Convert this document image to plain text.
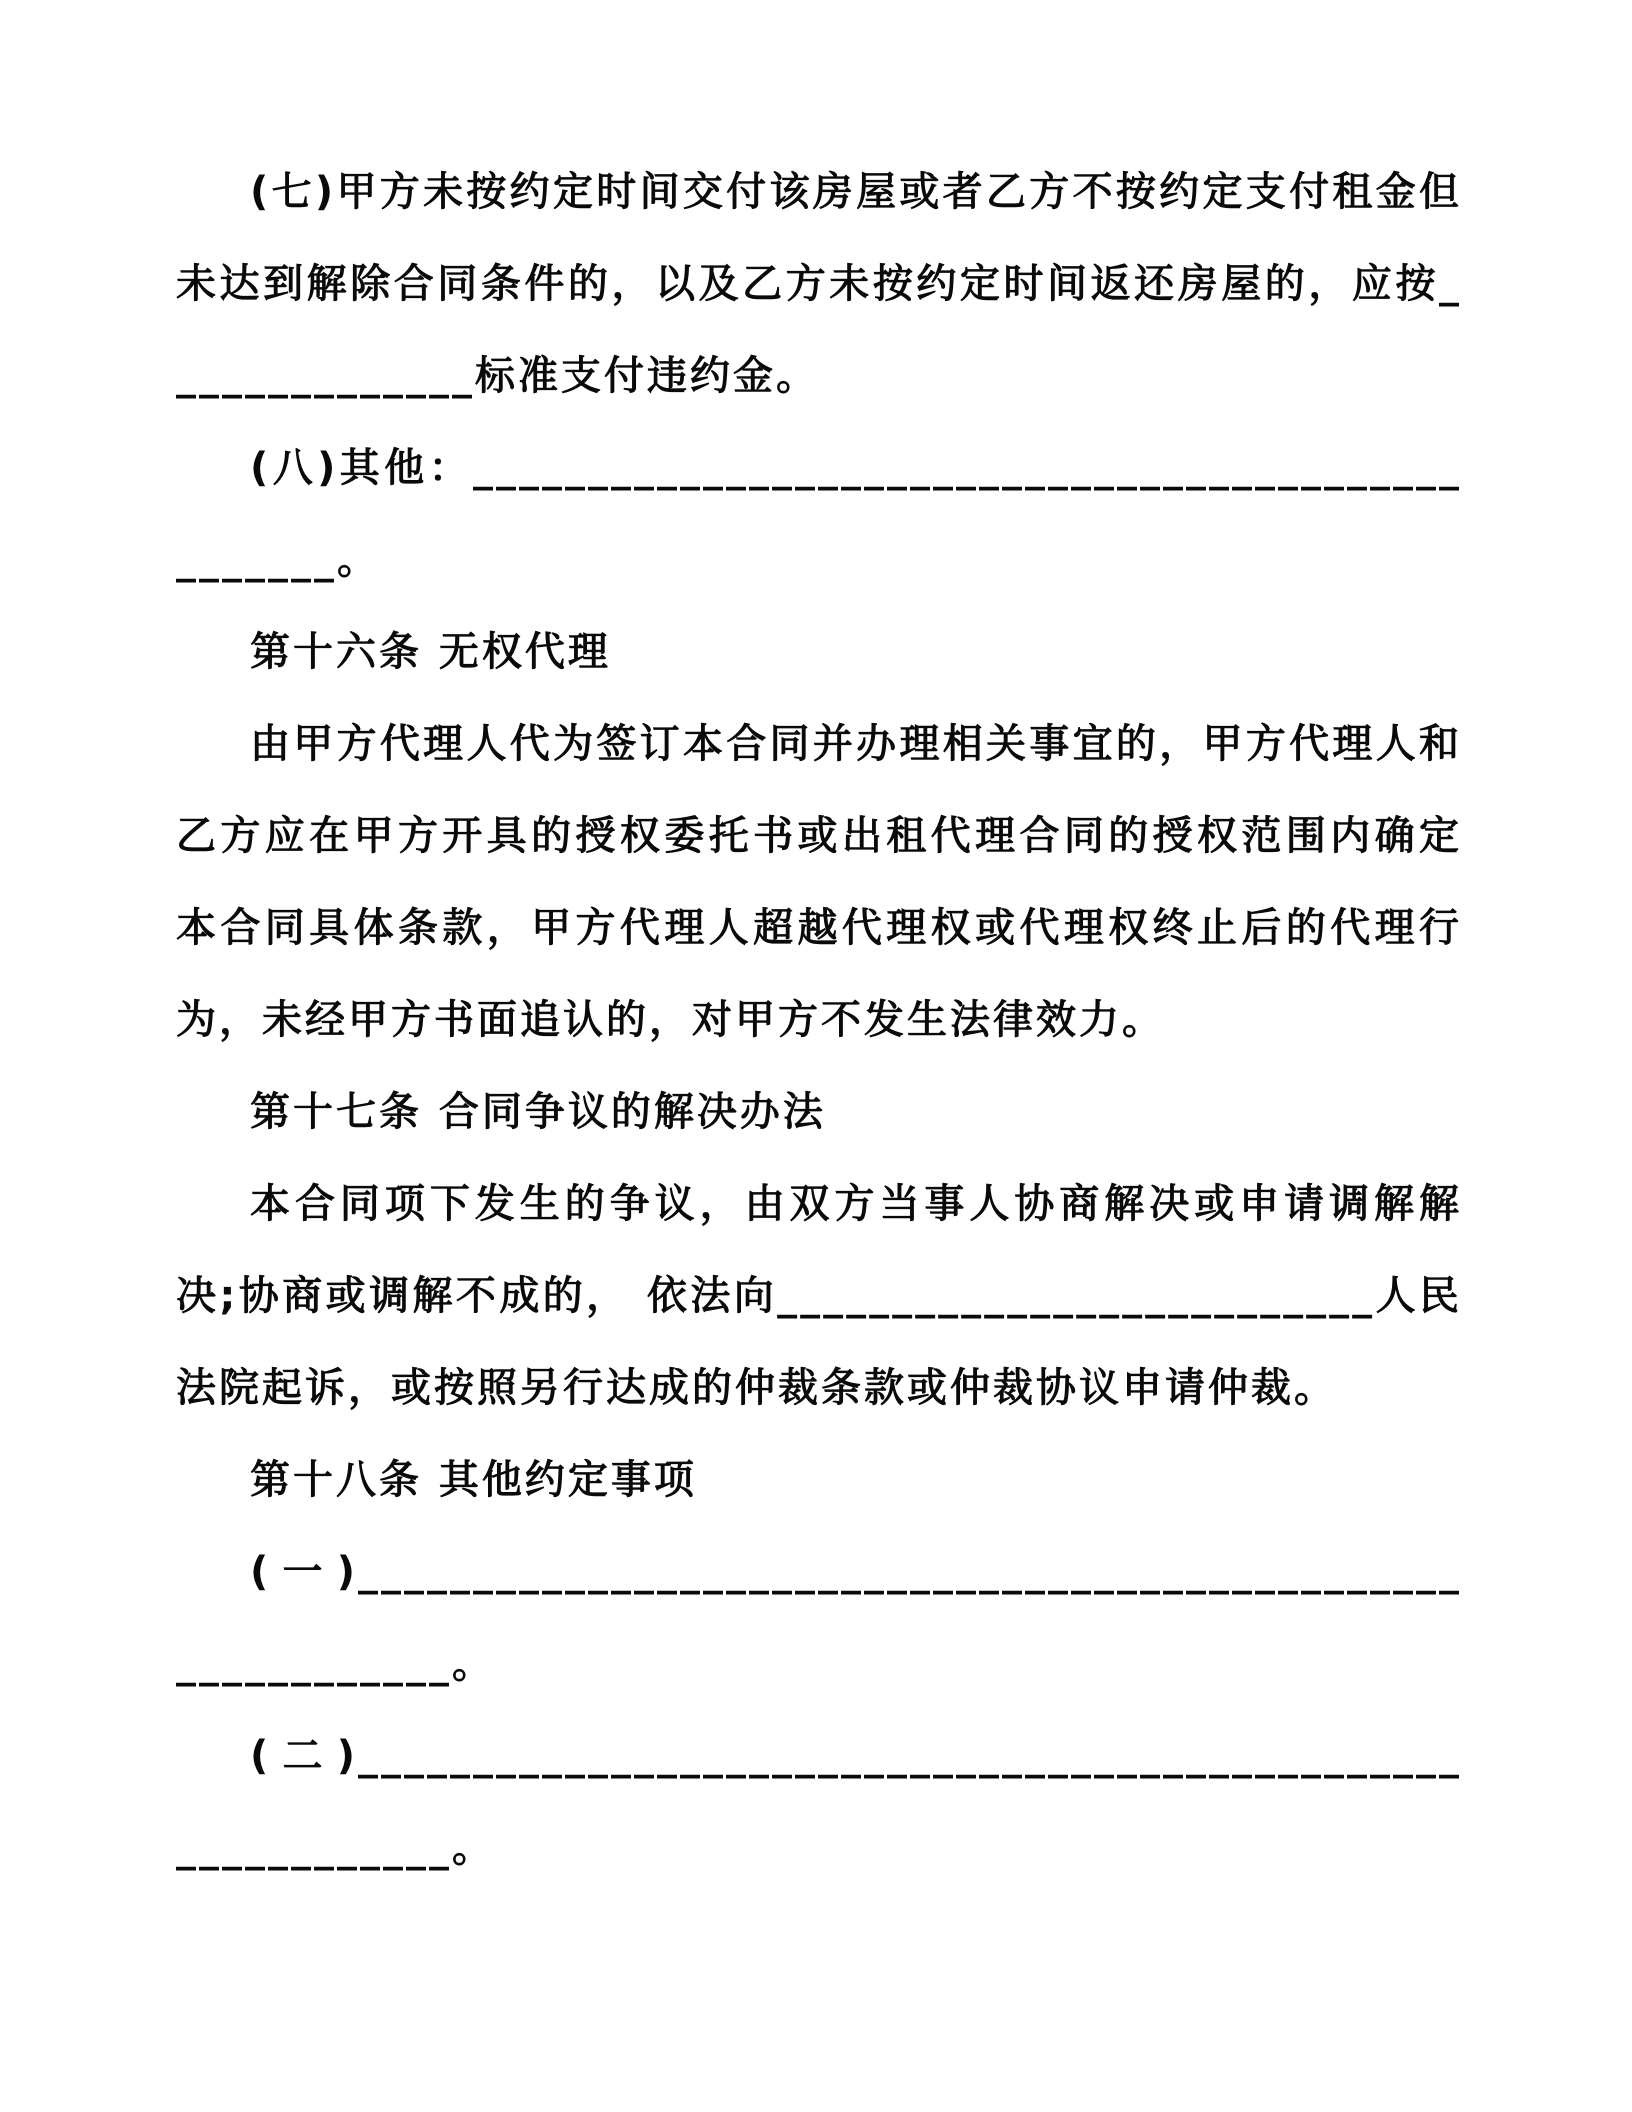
(七)甲方未按约定时间交付该房屋或者乙方不按约定支付租金但未达到解除合同条件的，以及乙方未按约定时间返还房屋的，应按______________标准支付违约金。

(八)其他：__________________________________________________。

第十六条 无权代理

由甲方代理人代为签订本合同并办理相关事宜的，甲方代理人和乙方应在甲方开具的授权委托书或出租代理合同的授权范围内确定本合同具体条款，甲方代理人超越代理权或代理权终止后的代理行为，未经甲方书面追认的，对甲方不发生法律效力。

第十七条 合同争议的解决办法

本合同项下发生的争议，由双方当事人协商解决或申请调解解决;协商或调解不成的， 依法向__________________________人民法院起诉，或按照另行达成的仲裁条款或仲裁协议申请仲裁。

第十八条 其他约定事项

(一)____________________________________________________________。

(二)____________________________________________________________。
